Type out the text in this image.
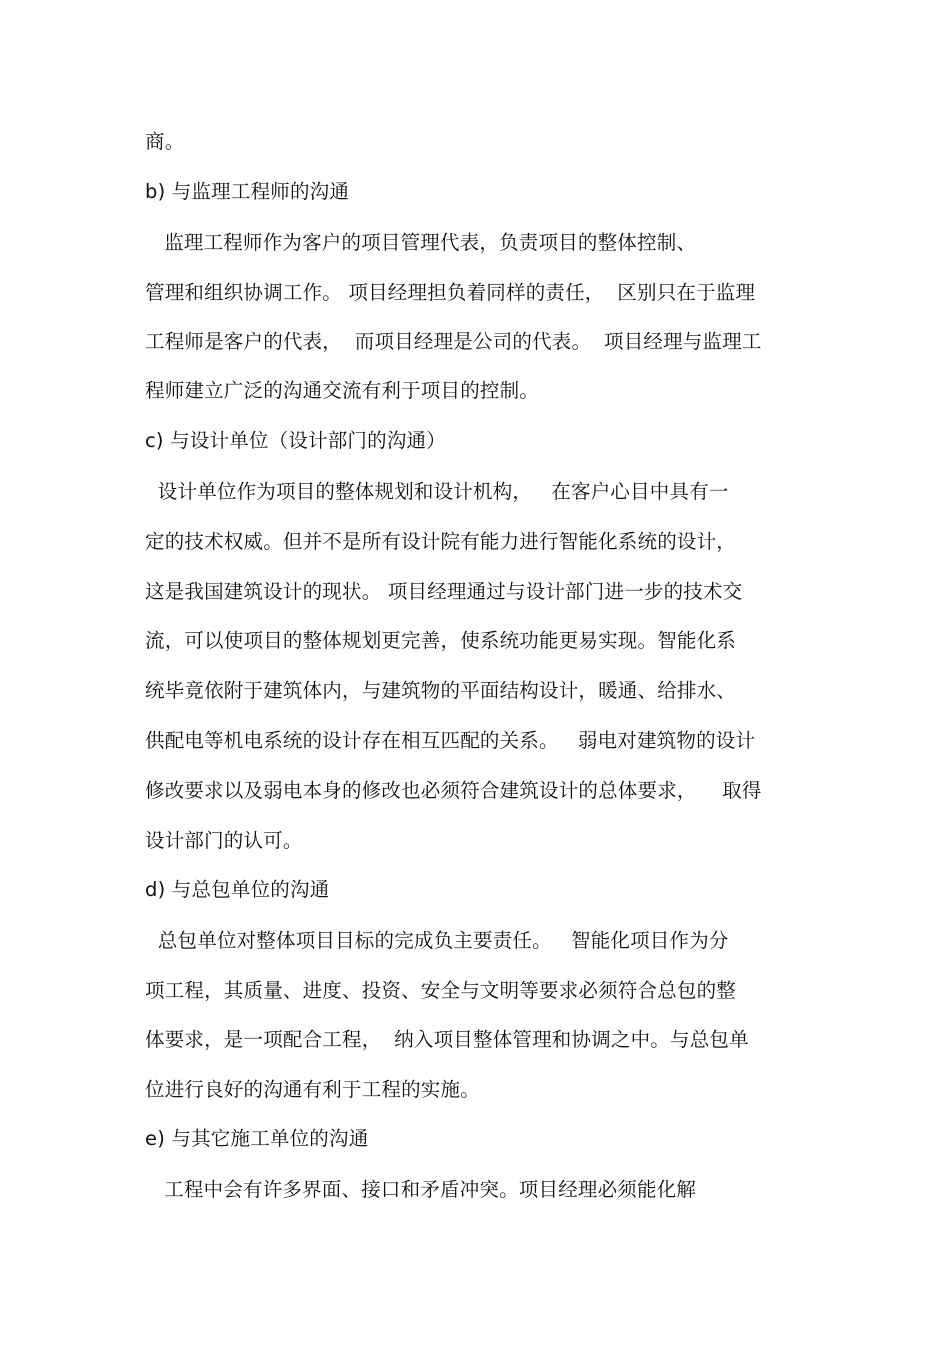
商。
b) 与监理工程师的沟通
监理工程师作为客户的项目管理代表，负责项目的整体控制、
管理和组织协调工作。 项目经理担负着同样的责任，  区别只在于监理
工程师是客户的代表，  而项目经理是公司的代表。  项目经理与监理工
程师建立广泛的沟通交流有利于项目的控制。
c) 与设计单位（设计部门的沟通）
设计单位作为项目的整体规划和设计机构，   在客户心目中具有一
定的技术权威。但并不是所有设计院有能力进行智能化系统的设计，
这是我国建筑设计的现状。 项目经理通过与设计部门进一步的技术交
流，可以使项目的整体规划更完善，使系统功能更易实现。智能化系
统毕竟依附于建筑体内，与建筑物的平面结构设计，暖通、给排水、
供配电等机电系统的设计存在相互匹配的关系。   弱电对建筑物的设计
修改要求以及弱电本身的修改也必须符合建筑设计的总体要求，    取得
设计部门的认可。
d) 与总包单位的沟通
总包单位对整体项目目标的完成负主要责任。   智能化项目作为分
项工程，其质量、进度、投资、安全与文明等要求必须符合总包的整
体要求，是一项配合工程，  纳入项目整体管理和协调之中。与总包单
位进行良好的沟通有利于工程的实施。
e) 与其它施工单位的沟通
工程中会有许多界面、接口和矛盾冲突。项目经理必须能化解
